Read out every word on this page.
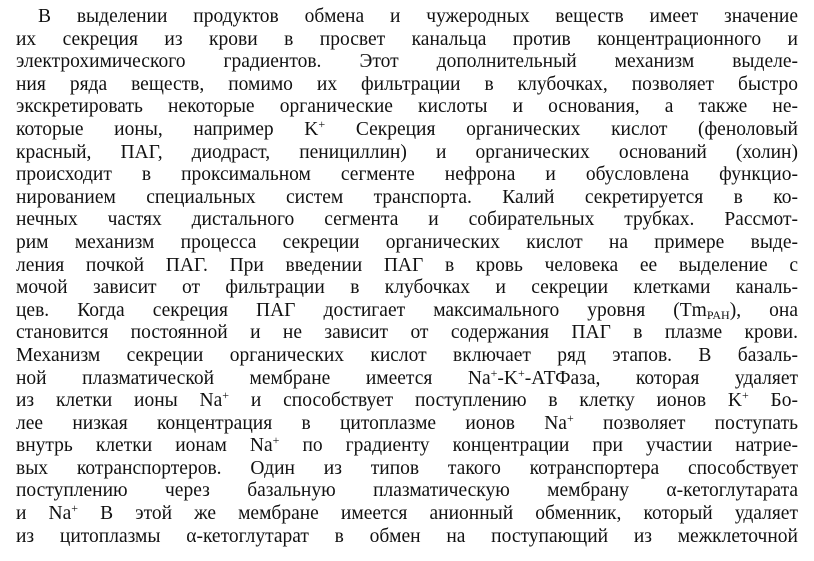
В выделении продуктов обмена и чужеродных веществ имеет значение
их секреция из крови в просвет канальца против концентрационного и
электрохимического градиентов. Этот дополнительный механизм выделе-
ния ряда веществ, помимо их фильтрации в клубочках, позволяет быстро
экскретировать некоторые органические кислоты и основания, а также не-
которые ионы, например K+ Секреция органических кислот (феноловый
красный, ПАГ, диодраст, пенициллин) и органических оснований (холин)
происходит в проксимальном сегменте нефрона и обусловлена функцио-
нированием специальных систем транспорта. Калий секретируется в ко-
нечных частях дистального сегмента и собирательных трубках. Рассмот-
рим механизм процесса секреции органических кислот на примере выде-
ления почкой ПАГ. При введении ПАГ в кровь человека ее выделение с
мочой зависит от фильтрации в клубочках и секреции клетками каналь-
цев. Когда секреция ПАГ достигает максимального уровня $(Tm_{PAH})$, она
становится постоянной и не зависит от содержания ПАГ в плазме крови.
Механизм секреции органических кислот включает ряд этапов. В базаль-
ной плазматической мембране имеется Na+-K+-АТФаза, которая удаляет
из клетки ионы Na+ и способствует поступлению в клетку ионов K+ Бо-
лее низкая концентрация в цитоплазме ионов Na+ позволяет поступать
внутрь клетки ионам Na+ по градиенту концентрации при участии натрие-
вых котранспортеров. Один из типов такого котранспортера способствует
поступлению через базальную плазматическую мембрану α-кетоглутарата
и Na+ В этой же мембране имеется анионный обменник, который удаляет
из цитоплазмы α-кетоглутарат в обмен на поступающий из межклеточной
